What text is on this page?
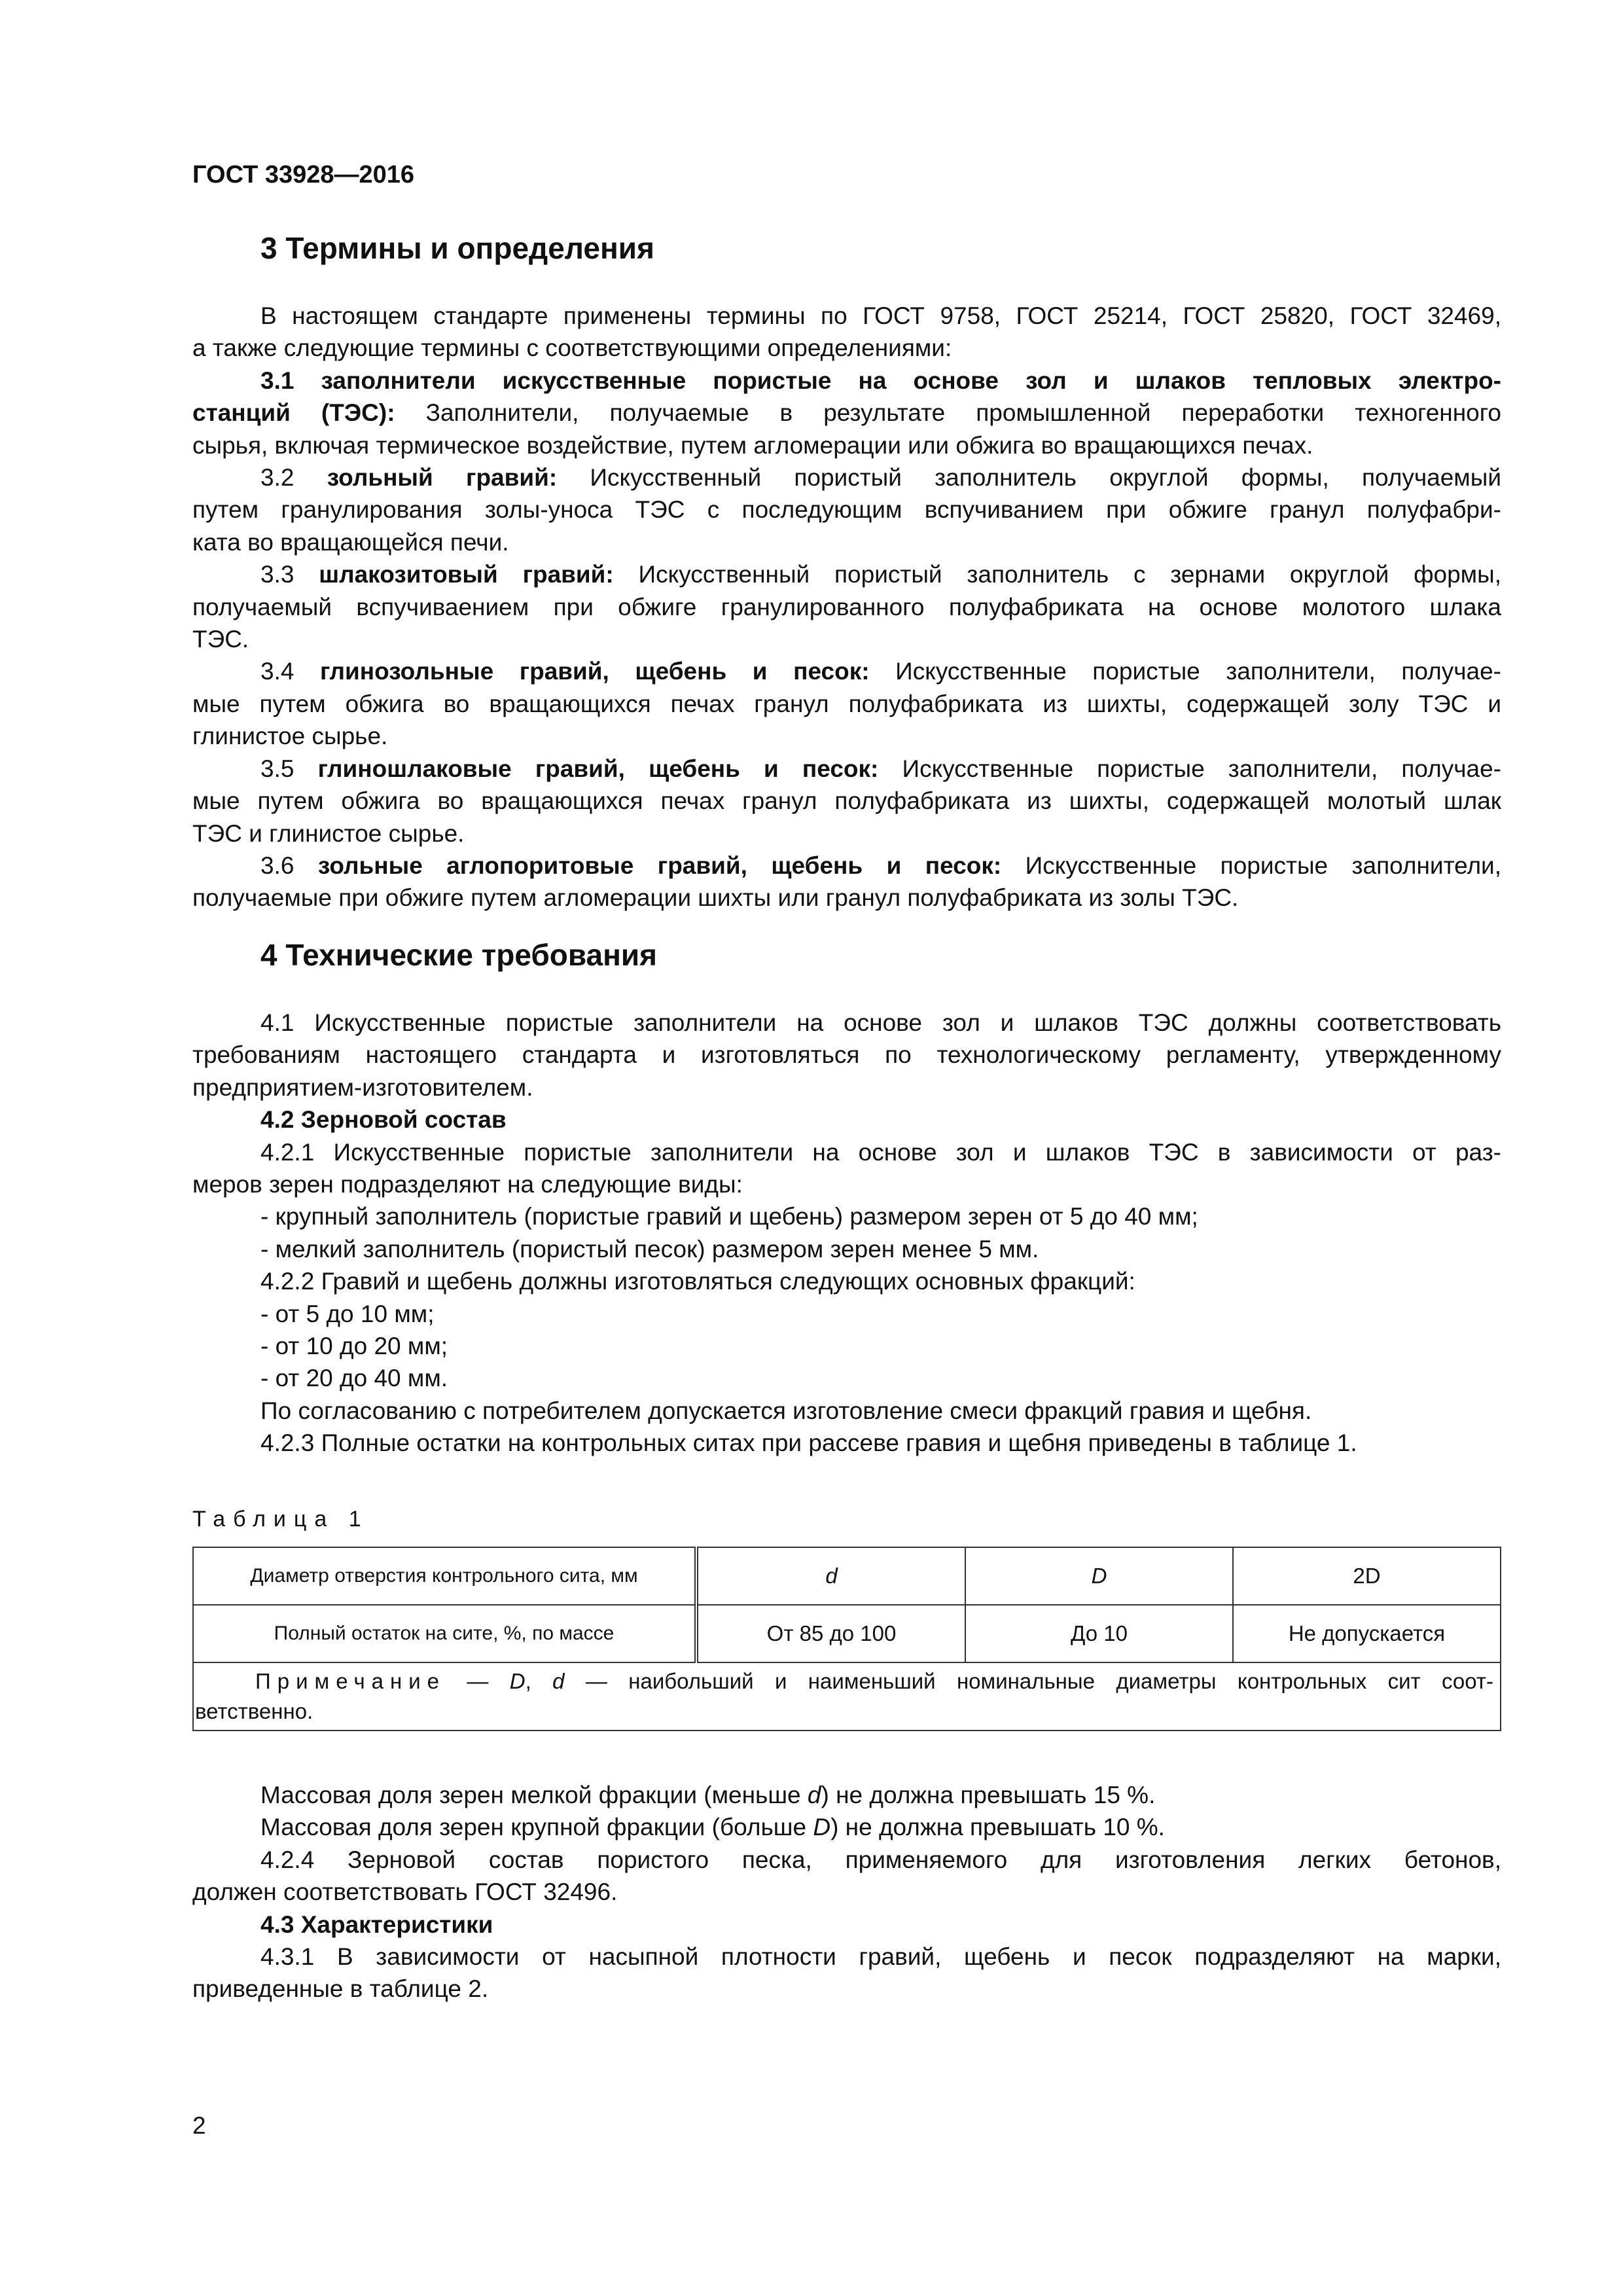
ГОСТ 33928—2016
3 Термины и определения
В настоящем стандарте применены термины по ГОСТ 9758, ГОСТ 25214, ГОСТ 25820, ГОСТ 32469,
а также следующие термины с соответствующими определениями:
3.1 заполнители искусственные пористые на основе зол и шлаков тепловых электро-
станций (ТЭС): Заполнители, получаемые в результате промышленной переработки техногенного
сырья, включая термическое воздействие, путем агломерации или обжига во вращающихся печах.
3.2 зольный гравий: Искусственный пористый заполнитель округлой формы, получаемый
путем гранулирования золы-уноса ТЭС с последующим вспучиванием при обжиге гранул полуфабри-
ката во вращающейся печи.
3.3 шлакозитовый гравий: Искусственный пористый заполнитель с зернами округлой формы,
получаемый вспучиваением при обжиге гранулированного полуфабриката на основе молотого шлака
ТЭС.
3.4 глинозольные гравий, щебень и песок: Искусственные пористые заполнители, получае-
мые путем обжига во вращающихся печах гранул полуфабриката из шихты, содержащей золу ТЭС и
глинистое сырье.
3.5 глиношлаковые гравий, щебень и песок: Искусственные пористые заполнители, получае-
мые путем обжига во вращающихся печах гранул полуфабриката из шихты, содержащей молотый шлак
ТЭС и глинистое сырье.
3.6 зольные аглопоритовые гравий, щебень и песок: Искусственные пористые заполнители,
получаемые при обжиге путем агломерации шихты или гранул полуфабриката из золы ТЭС.
4 Технические требования
4.1 Искусственные пористые заполнители на основе зол и шлаков ТЭС должны соответствовать
требованиям настоящего стандарта и изготовляться по технологическому регламенту, утвержденному
предприятием-изготовителем.
4.2 Зерновой состав
4.2.1 Искусственные пористые заполнители на основе зол и шлаков ТЭС в зависимости от раз-
меров зерен подразделяют на следующие виды:
- крупный заполнитель (пористые гравий и щебень) размером зерен от 5 до 40 мм;
- мелкий заполнитель (пористый песок) размером зерен менее 5 мм.
4.2.2 Гравий и щебень должны изготовляться следующих основных фракций:
- от 5 до 10 мм;
- от 10 до 20 мм;
- от 20 до 40 мм.
По согласованию с потребителем допускается изготовление смеси фракций гравия и щебня.
4.2.3 Полные остатки на контрольных ситах при рассеве гравия и щебня приведены в таблице 1.
Таблица 1
Диаметр отверстия контрольного сита, мм	d	D	2D
Полный остаток на сите, %, по массе	От 85 до 100	До 10	Не допускается

Примечание — D, d — наибольший и наименьший номинальные диаметры контрольных сит соот-
ветственно.			
Массовая доля зерен мелкой фракции (меньше d) не должна превышать 15 %.
Массовая доля зерен крупной фракции (больше D) не должна превышать 10 %.
4.2.4 Зерновой состав пористого песка, применяемого для изготовления легких бетонов,
должен соответствовать ГОСТ 32496.
4.3 Характеристики
4.3.1 В зависимости от насыпной плотности гравий, щебень и песок подразделяют на марки,
приведенные в таблице 2.
2
